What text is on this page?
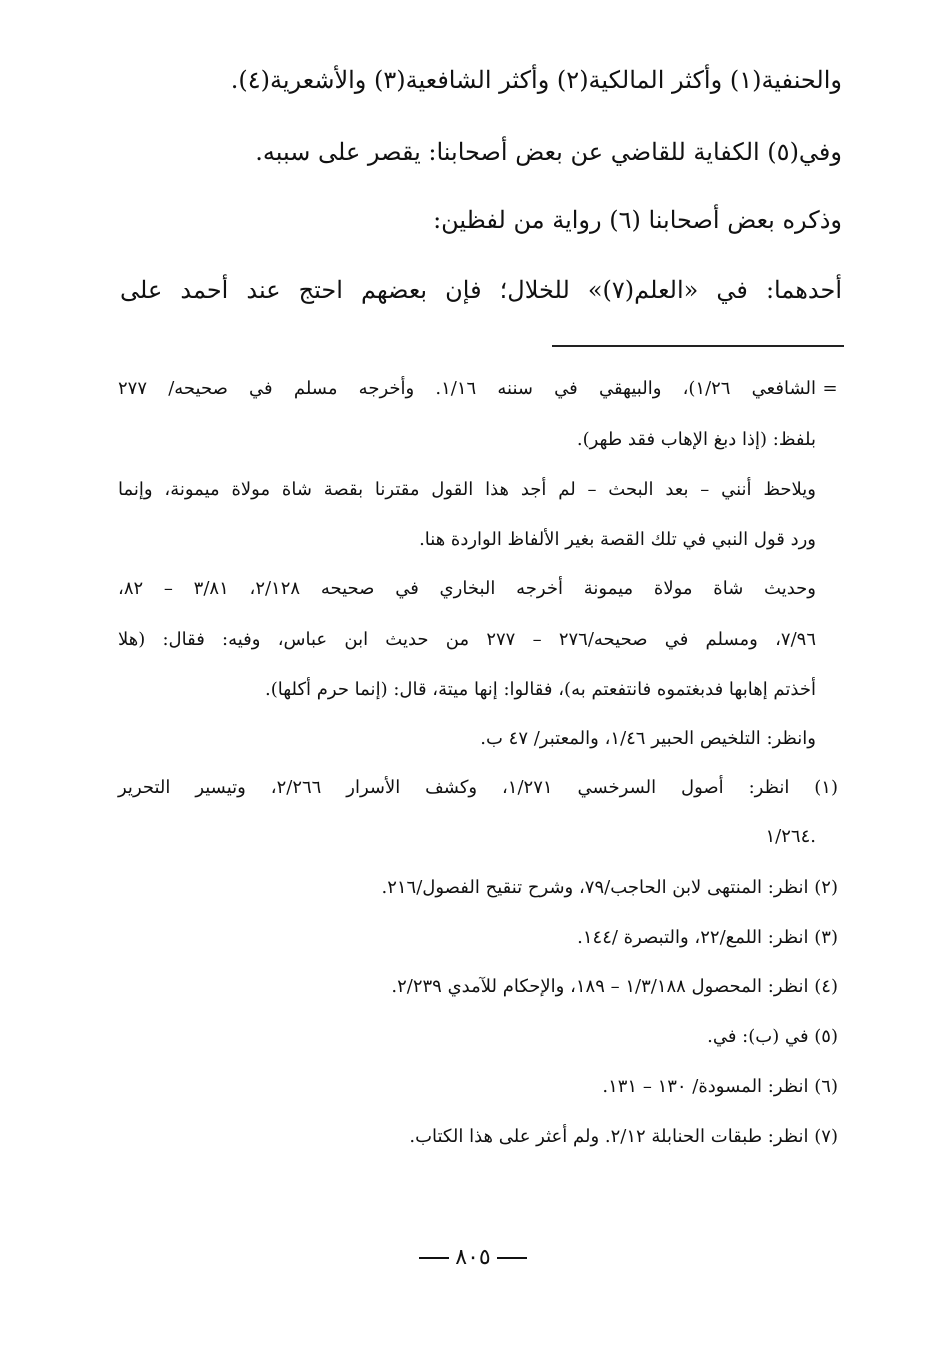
والحنفية(١) وأكثر المالكية(٢) وأكثر الشافعية(٣) والأشعرية(٤).
وفي(٥) الكفاية للقاضي عن بعض أصحابنا: يقصر على سببه.
وذكره بعض أصحابنا (٦) رواية من لفظين:
أحدهما: في «العلم(٧)» للخلال؛ فإن بعضهم احتج عند أحمد على
=
الشافعي ١/٢٦)، والبيهقي في سننه ١/١٦. وأخرجه مسلم في صحيحه/ ٢٧٧
بلفظ: (إذا دبغ الإهاب فقد طهر).
ويلاحظ أنني – بعد البحث – لم أجد هذا القول مقترنا بقصة شاة مولاة ميمونة، وإنما
ورد قول النبي في تلك القصة بغير الألفاظ الواردة هنا.
وحديث شاة مولاة ميمونة أخرجه البخاري في صحيحه ٢/١٢٨، ٣/٨١ – ٨٢،
٧/٩٦، ومسلم في صحيحه/٢٧٦ – ٢٧٧ من حديث ابن عباس، وفيه: فقال: (هلا
أخذتم إهابها فدبغتموه فانتفعتم به)، فقالوا: إنها ميتة، قال: (إنما حرم أكلها).
وانظر: التلخيص الحبير ١/٤٦، والمعتبر/ ٤٧ ب.
(١) انظر: أصول السرخسي ١/٢٧١، وكشف الأسرار ٢/٢٦٦، وتيسير التحرير
١/٢٦٤.
(٢) انظر: المنتهى لابن الحاجب/٧٩، وشرح تنقيح الفصول/٢١٦.
(٣) انظر: اللمع/٢٢، والتبصرة /١٤٤.
(٤) انظر: المحصول ١/٣/١٨٨ – ١٨٩، والإحكام للآمدي ٢/٢٣٩.
(٥) في (ب): في.
(٦) انظر: المسودة/ ١٣٠ – ١٣١.
(٧) انظر: طبقات الحنابلة ٢/١٢. ولم أعثر على هذا الكتاب.
٨٠٥
